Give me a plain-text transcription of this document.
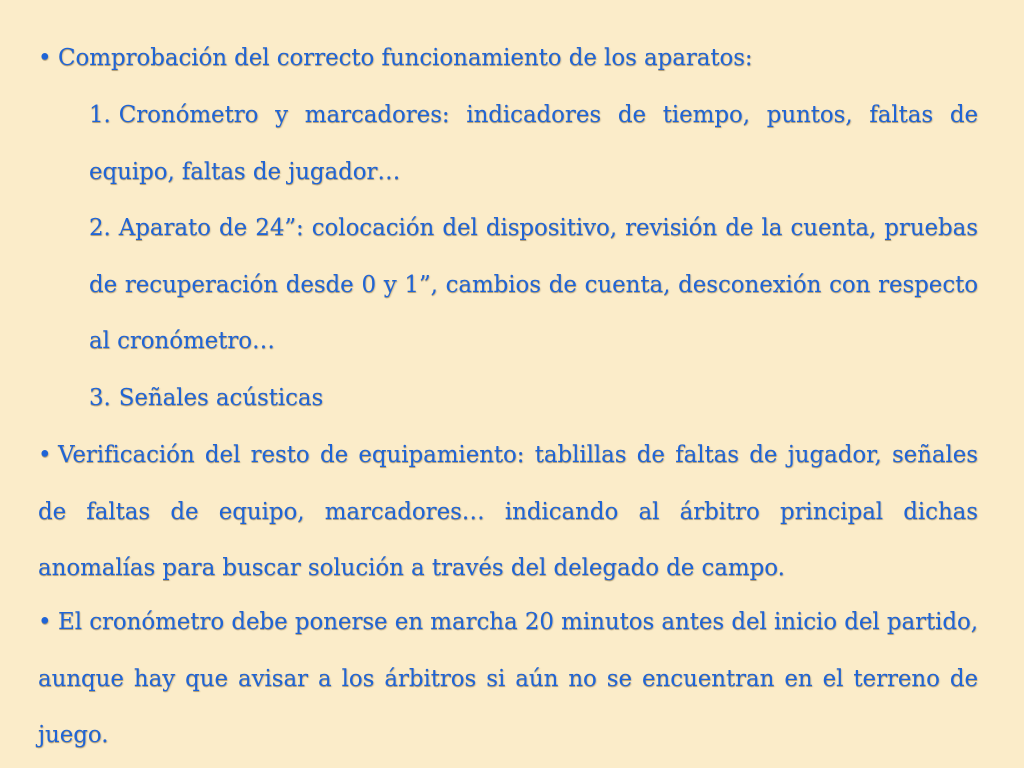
• Comprobación del correcto funcionamiento de los aparatos:
1. Cronómetro y marcadores: indicadores de tiempo, puntos, faltas de equipo, faltas de jugador…
2. Aparato de 24”: colocación del dispositivo, revisión de la cuenta, pruebas de recuperación desde 0 y 1”, cambios de cuenta, desconexión con respecto al cronómetro…
3. Señales acústicas
• Verificación del resto de equipamiento: tablillas de faltas de jugador, señales de faltas de equipo, marcadores… indicando al árbitro principal dichas anomalías para buscar solución a través del delegado de campo.
• El cronómetro debe ponerse en marcha 20 minutos antes del inicio del partido, aunque hay que avisar a los árbitros si aún no se encuentran en el terreno de juego.
